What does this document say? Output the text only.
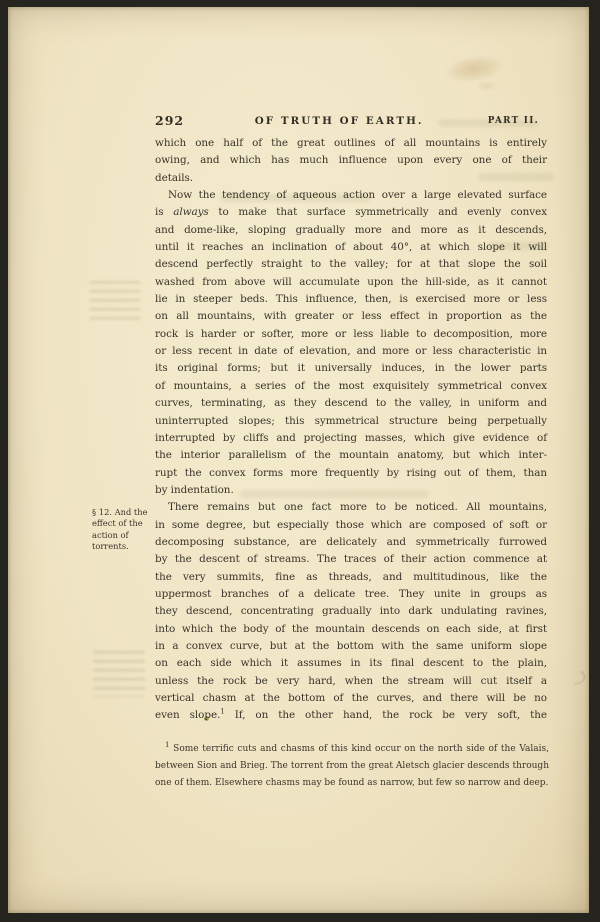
292	OF TRUTH OF EARTH.	PART II.
§ 12. And the
effect of the
action of
torrents.
which one half of the great outlines of all mountains is entirely
owing, and which has much influence upon every one of their
details.
Now the tendency of aqueous action over a large elevated surface
is always to make that surface symmetrically and evenly convex
and dome-like, sloping gradually more and more as it descends,
until it reaches an inclination of about 40°, at which slope it will
descend perfectly straight to the valley; for at that slope the soil
washed from above will accumulate upon the hill-side, as it cannot
lie in steeper beds. This influence, then, is exercised more or less
on all mountains, with greater or less effect in proportion as the
rock is harder or softer, more or less liable to decomposition, more
or less recent in date of elevation, and more or less characteristic in
its original forms; but it universally induces, in the lower parts
of mountains, a series of the most exquisitely symmetrical convex
curves, terminating, as they descend to the valley, in uniform and
uninterrupted slopes; this symmetrical structure being perpetually
interrupted by cliffs and projecting masses, which give evidence of
the interior parallelism of the mountain anatomy, but which inter-
rupt the convex forms more frequently by rising out of them, than
by indentation.
There remains but one fact more to be noticed. All mountains,
in some degree, but especially those which are composed of soft or
decomposing substance, are delicately and symmetrically furrowed
by the descent of streams. The traces of their action commence at
the very summits, fine as threads, and multitudinous, like the
uppermost branches of a delicate tree. They unite in groups as
they descend, concentrating gradually into dark undulating ravines,
into which the body of the mountain descends on each side, at first
in a convex curve, but at the bottom with the same uniform slope
on each side which it assumes in its final descent to the plain,
unless the rock be very hard, when the stream will cut itself a
vertical chasm at the bottom of the curves, and there will be no
even slope.$^1$ If, on the other hand, the rock be very soft, the
$^1$ Some terrific cuts and chasms of this kind occur on the north side of the Valais,
between Sion and Brieg. The torrent from the great Aletsch glacier descends through
one of them. Elsewhere chasms may be found as narrow, but few so narrow and deep.
